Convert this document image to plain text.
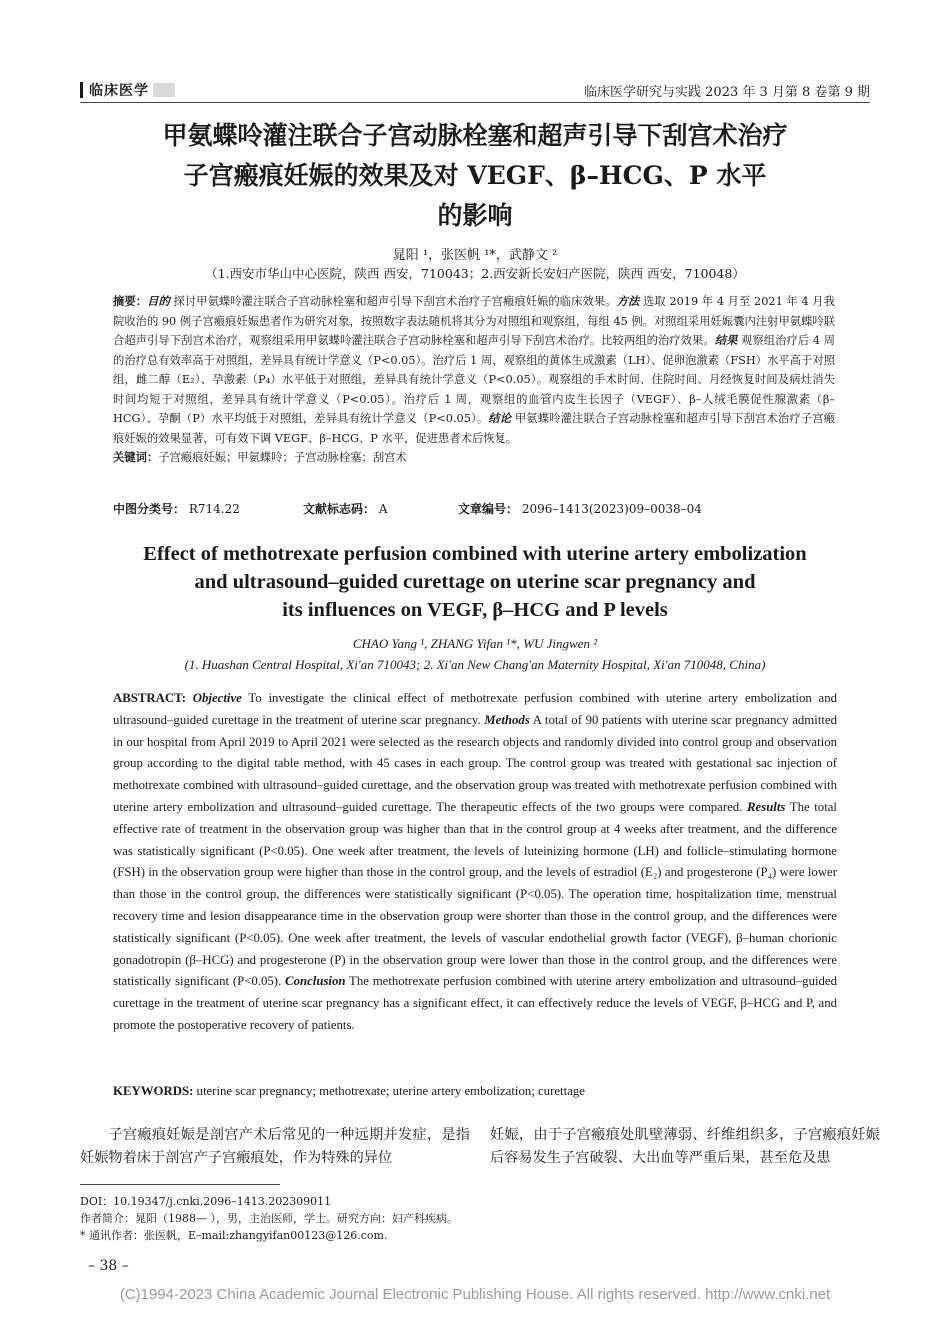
临床医学	临床医学研究与实践 2023 年 3 月第 8 卷第 9 期
甲氨蝶呤灌注联合子宫动脉栓塞和超声引导下刮宫术治疗
子宫瘢痕妊娠的效果及对 VEGF、β–HCG、P 水平
的影响
晁阳 ¹，张医帆 ¹*，武静文 ²
（1.西安市华山中心医院，陕西 西安，710043；2.西安新长安妇产医院，陕西 西安，710048）
摘要：目的 探讨甲氨蝶呤灌注联合子宫动脉栓塞和超声引导下刮宫术治疗子宫瘢痕妊娠的临床效果。方法 选取 2019 年 4 月至 2021 年 4 月我院收治的 90 例子宫瘢痕妊娠患者作为研究对象，按照数字表法随机将其分为对照组和观察组，每组 45 例。对照组采用妊娠囊内注射甲氨蝶呤联合超声引导下刮宫术治疗，观察组采用甲氨蝶呤灌注联合子宫动脉栓塞和超声引导下刮宫术治疗。比较两组的治疗效果。结果 观察组治疗后 4 周的治疗总有效率高于对照组，差异具有统计学意义（P<0.05）。治疗后 1 周，观察组的黄体生成激素（LH）、促卵泡激素（FSH）水平高于对照组，雌二醇（E₂）、孕激素（P₄）水平低于对照组，差异具有统计学意义（P<0.05）。观察组的手术时间、住院时间、月经恢复时间及病灶消失时间均短于对照组，差异具有统计学意义（P<0.05）。治疗后 1 周，观察组的血管内皮生长因子（VEGF）、β–人绒毛膜促性腺激素（β–HCG）、孕酮（P）水平均低于对照组，差异具有统计学意义（P<0.05）。结论 甲氨蝶呤灌注联合子宫动脉栓塞和超声引导下刮宫术治疗子宫瘢痕妊娠的效果显著，可有效下调 VEGF、β–HCG、P 水平，促进患者术后恢复。
关键词：子宫瘢痕妊娠；甲氨蝶呤；子宫动脉栓塞；刮宫术
中图分类号： R714.22	文献标志码： A	文章编号： 2096–1413(2023)09–0038–04
Effect of methotrexate perfusion combined with uterine artery embolization
and ultrasound–guided curettage on uterine scar pregnancy and
its influences on VEGF, β–HCG and P levels
CHAO Yang ¹, ZHANG Yifan ¹*, WU Jingwen ²
(1. Huashan Central Hospital, Xi′an 710043; 2. Xi′an New Chang′an Maternity Hospital, Xi′an 710048, China)
ABSTRACT: Objective To investigate the clinical effect of methotrexate perfusion combined with uterine artery embolization and ultrasound–guided curettage in the treatment of uterine scar pregnancy. Methods A total of 90 patients with uterine scar pregnancy admitted in our hospital from April 2019 to April 2021 were selected as the research objects and randomly divided into control group and observation group according to the digital table method, with 45 cases in each group. The control group was treated with gestational sac injection of methotrexate combined with ultrasound–guided curettage, and the observation group was treated with methotrexate perfusion combined with uterine artery embolization and ultrasound–guided curettage. The therapeutic effects of the two groups were compared. Results The total effective rate of treatment in the observation group was higher than that in the control group at 4 weeks after treatment, and the difference was statistically significant (P<0.05). One week after treatment, the levels of luteinizing hormone (LH) and follicle–stimulating hormone (FSH) in the observation group were higher than those in the control group, and the levels of estradiol (E₂) and progesterone (P₄) were lower than those in the control group, the differences were statistically significant (P<0.05). The operation time, hospitalization time, menstrual recovery time and lesion disappearance time in the observation group were shorter than those in the control group, and the differences were statistically significant (P<0.05). One week after treatment, the levels of vascular endothelial growth factor (VEGF), β–human chorionic gonadotropin (β–HCG) and progesterone (P) in the observation group were lower than those in the control group, and the differences were statistically significant (P<0.05). Conclusion The methotrexate perfusion combined with uterine artery embolization and ultrasound–guided curettage in the treatment of uterine scar pregnancy has a significant effect, it can effectively reduce the levels of VEGF, β–HCG and P, and promote the postoperative recovery of patients.
KEYWORDS: uterine scar pregnancy; methotrexate; uterine artery embolization; curettage
子宫瘢痕妊娠是剖宫产术后常见的一种远期并发症，是指妊娠物着床于剖宫产子宫瘢痕处，作为特殊的异位
妊娠，由于子宫瘢痕处肌壁薄弱、纤维组织多，子宫瘢痕妊娠后容易发生子宫破裂、大出血等严重后果，甚至危及患
DOI：10.19347/j.cnki.2096–1413.202309011
作者简介：晁阳（1988— ），男，主治医师，学士。研究方向：妇产科疾病。
* 通讯作者：张医帆，E–mail:zhangyifan00123@126.com.
– 38 –
(C)1994-2023 China Academic Journal Electronic Publishing House. All rights reserved. http://www.cnki.net
